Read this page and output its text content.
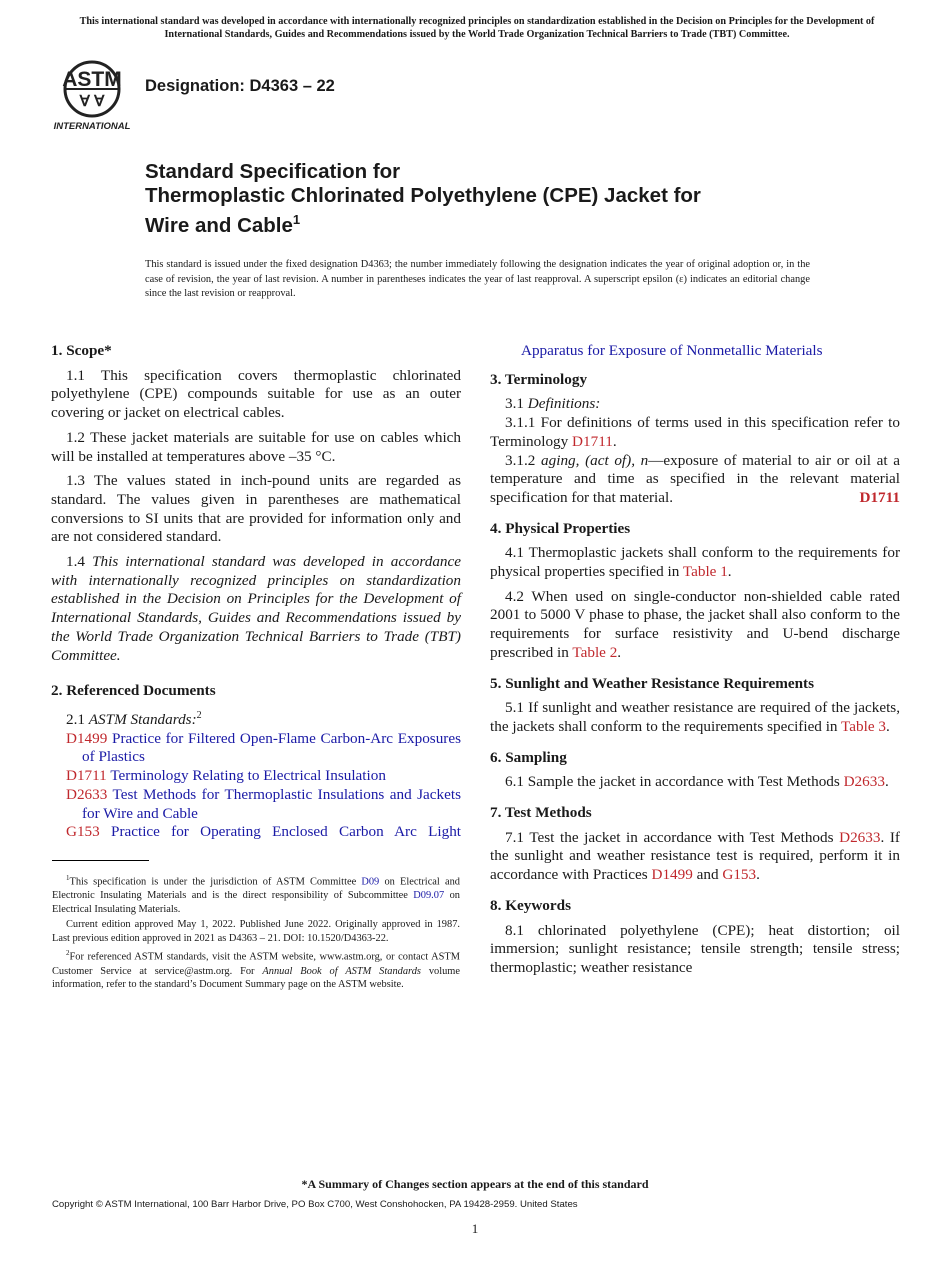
This international standard was developed in accordance with internationally recognized principles on standardization established in the Decision on Principles for the Development of International Standards, Guides and Recommendations issued by the World Trade Organization Technical Barriers to Trade (TBT) Committee.
ASTM
Ɐ Ɐ
INTERNATIONAL
Designation: D4363 – 22
Standard Specification for
Thermoplastic Chlorinated Polyethylene (CPE) Jacket for
Wire and Cable$^1$
This standard is issued under the fixed designation D4363; the number immediately following the designation indicates the year of original adoption or, in the case of revision, the year of last revision. A number in parentheses indicates the year of last reapproval. A superscript epsilon (ε) indicates an editorial change since the last revision or reapproval.

1. Scope*

1.1 This specification covers thermoplastic chlorinated polyethylene (CPE) compounds suitable for use as an outer covering or jacket on electrical cables.

1.2 These jacket materials are suitable for use on cables which will be installed at temperatures above –35 °C.

1.3 The values stated in inch-pound units are regarded as standard. The values given in parentheses are mathematical conversions to SI units that are provided for information only and are not considered standard.

1.4 This international standard was developed in accordance with internationally recognized principles on standardization established in the Decision on Principles for the Development of International Standards, Guides and Recommendations issued by the World Trade Organization Technical Barriers to Trade (TBT) Committee.

2. Referenced Documents

2.1 ASTM Standards:$^2$

D1499 Practice for Filtered Open-Flame Carbon-Arc Exposures of Plastics

D1711 Terminology Relating to Electrical Insulation

D2633 Test Methods for Thermoplastic Insulations and Jackets for Wire and Cable

G153 Practice for Operating Enclosed Carbon Arc Light

$^1$This specification is under the jurisdiction of ASTM Committee D09 on Electrical and Electronic Insulating Materials and is the direct responsibility of Subcommittee D09.07 on Electrical Insulating Materials.

Current edition approved May 1, 2022. Published June 2022. Originally approved in 1987. Last previous edition approved in 2021 as D4363 – 21. DOI: 10.1520/D4363-22.

$^2$For referenced ASTM standards, visit the ASTM website, www.astm.org, or contact ASTM Customer Service at service@astm.org. For Annual Book of ASTM Standards volume information, refer to the standard’s Document Summary page on the ASTM website.

Apparatus for Exposure of Nonmetallic Materials

3. Terminology

3.1 Definitions:

3.1.1 For definitions of terms used in this specification refer to Terminology D1711.

3.1.2 aging, (act of), n—exposure of material to air or oil at a temperature and time as specified in the relevant material specification for that material.	D1711

4. Physical Properties

4.1 Thermoplastic jackets shall conform to the requirements for physical properties specified in Table 1.

4.2 When used on single-conductor non-shielded cable rated 2001 to 5000 V phase to phase, the jacket shall also conform to the requirements for surface resistivity and U-bend discharge prescribed in Table 2.

5. Sunlight and Weather Resistance Requirements

5.1 If sunlight and weather resistance are required of the jackets, the jackets shall conform to the requirements specified in Table 3.

6. Sampling

6.1 Sample the jacket in accordance with Test Methods D2633.

7. Test Methods

7.1 Test the jacket in accordance with Test Methods D2633. If the sunlight and weather resistance test is required, perform it in accordance with Practices D1499 and G153.

8. Keywords

8.1 chlorinated polyethylene (CPE); heat distortion; oil immersion; sunlight resistance; tensile strength; tensile stress; thermoplastic; weather resistance

*A Summary of Changes section appears at the end of this standard
Copyright © ASTM International, 100 Barr Harbor Drive, PO Box C700, West Conshohocken, PA 19428-2959. United States
1
